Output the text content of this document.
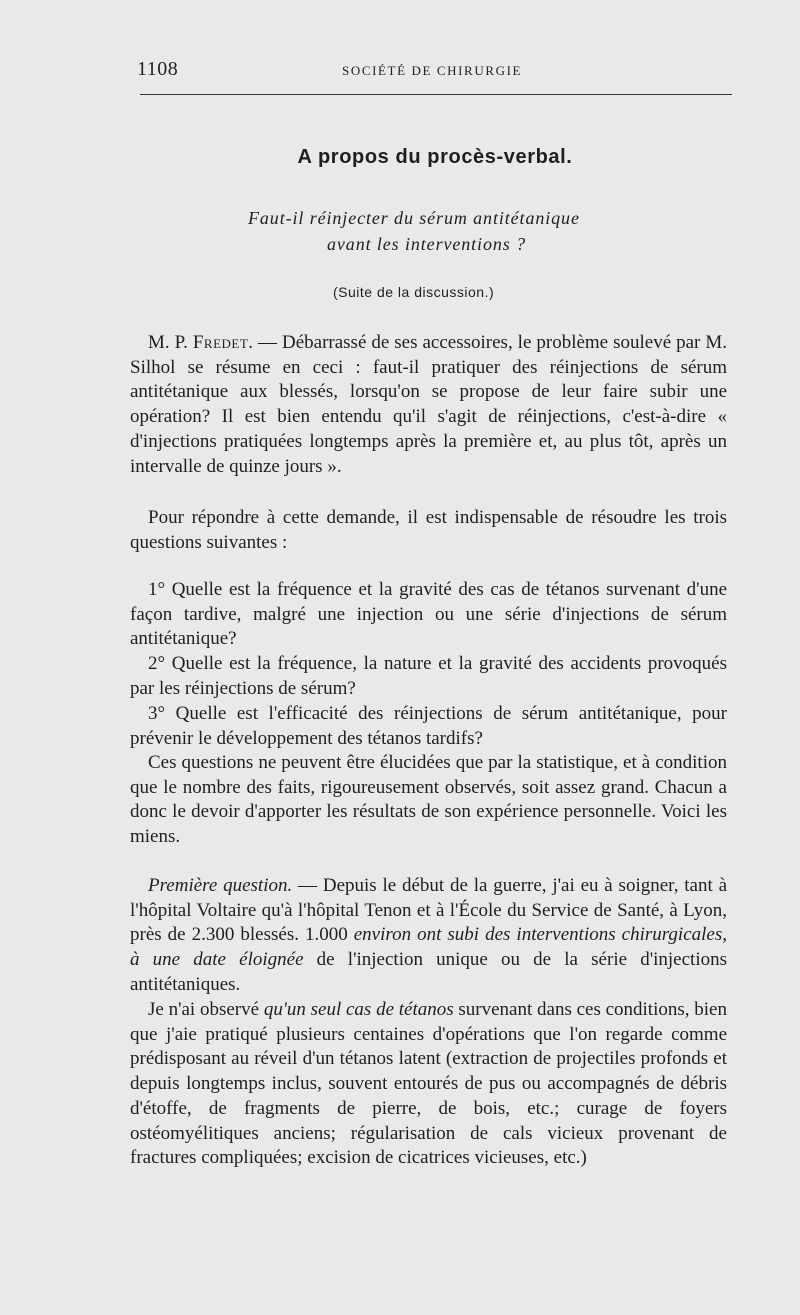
1108	SOCIÉTÉ DE CHIRURGIE
A propos du procès-verbal.
Faut-il réinjecter du sérum antitétanique
avant les interventions ?
(Suite de la discussion.)

M. P. Fredet. — Débarrassé de ses accessoires, le problème soulevé par M. Silhol se résume en ceci : faut-il pratiquer des réinjections de sérum antitétanique aux blessés, lorsqu'on se propose de leur faire subir une opération? Il est bien entendu qu'il s'agit de réinjections, c'est-à-dire « d'injections pratiquées longtemps après la première et, au plus tôt, après un intervalle de quinze jours ».

Pour répondre à cette demande, il est indispensable de résoudre les trois questions suivantes :

1° Quelle est la fréquence et la gravité des cas de tétanos survenant d'une façon tardive, malgré une injection ou une série d'injections de sérum antitétanique?

2° Quelle est la fréquence, la nature et la gravité des accidents provoqués par les réinjections de sérum?

3° Quelle est l'efficacité des réinjections de sérum antitétanique, pour prévenir le développement des tétanos tardifs?

Ces questions ne peuvent être élucidées que par la statistique, et à condition que le nombre des faits, rigoureusement observés, soit assez grand. Chacun a donc le devoir d'apporter les résultats de son expérience personnelle. Voici les miens.

Première question. — Depuis le début de la guerre, j'ai eu à soigner, tant à l'hôpital Voltaire qu'à l'hôpital Tenon et à l'École du Service de Santé, à Lyon, près de 2.300 blessés. 1.000 environ ont subi des interventions chirurgicales, à une date éloignée de l'injection unique ou de la série d'injections antitétaniques.

Je n'ai observé qu'un seul cas de tétanos survenant dans ces conditions, bien que j'aie pratiqué plusieurs centaines d'opérations que l'on regarde comme prédisposant au réveil d'un tétanos latent (extraction de projectiles profonds et depuis longtemps inclus, souvent entourés de pus ou accompagnés de débris d'étoffe, de fragments de pierre, de bois, etc.; curage de foyers ostéomyélitiques anciens; régularisation de cals vicieux provenant de fractures compliquées; excision de cicatrices vicieuses, etc.)
